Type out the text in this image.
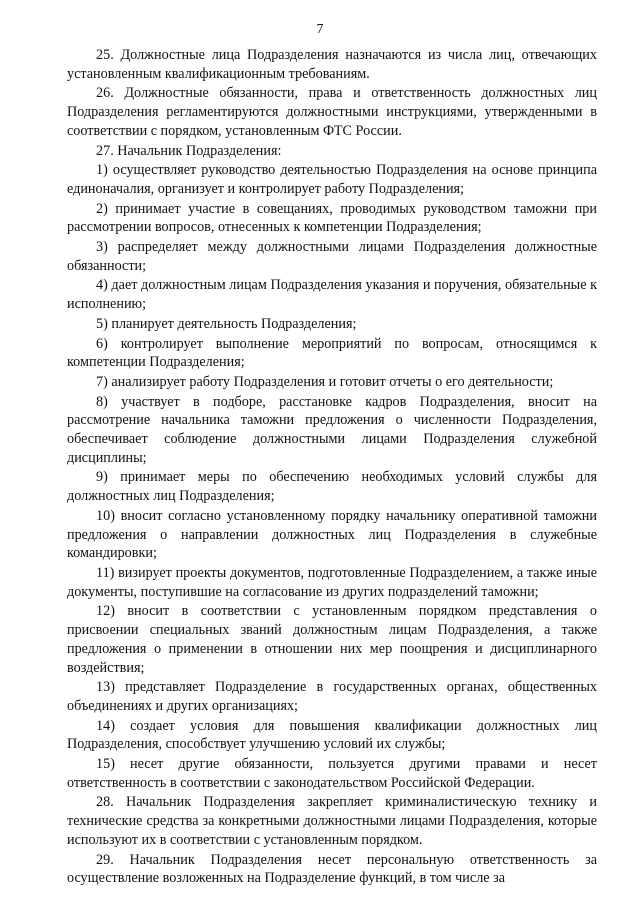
7

25. Должностные лица Подразделения назначаются из числа лиц, отвечающих установленным квалификационным требованиям.

26. Должностные обязанности, права и ответственность должностных лиц Подразделения регламентируются должностными инструкциями, утвержденными в соответствии с порядком, установленным ФТС России.

27. Начальник Подразделения:

1) осуществляет руководство деятельностью Подразделения на основе принципа единоначалия, организует и контролирует работу Подразделения;

2) принимает участие в совещаниях, проводимых руководством таможни при рассмотрении вопросов, отнесенных к компетенции Подразделения;

3) распределяет между должностными лицами Подразделения должностные обязанности;

4) дает должностным лицам Подразделения указания и поручения, обязательные к исполнению;

5) планирует деятельность Подразделения;

6) контролирует выполнение мероприятий по вопросам, относящимся к компетенции Подразделения;

7) анализирует работу Подразделения и готовит отчеты о его деятельности;

8) участвует в подборе, расстановке кадров Подразделения, вносит на рассмотрение начальника таможни предложения о численности Подразделения, обеспечивает соблюдение должностными лицами Подразделения служебной дисциплины;

9) принимает меры по обеспечению необходимых условий службы для должностных лиц Подразделения;

10) вносит согласно установленному порядку начальнику оперативной таможни предложения о направлении должностных лиц Подразделения в служебные командировки;

11) визирует проекты документов, подготовленные Подразделением, а также иные документы, поступившие на согласование из других подразделений таможни;

12) вносит в соответствии с установленным порядком представления о присвоении специальных званий должностным лицам Подразделения, а также предложения о применении в отношении них мер поощрения и дисциплинарного воздействия;

13) представляет Подразделение в государственных органах, общественных объединениях и других организациях;

14) создает условия для повышения квалификации должностных лиц Подразделения, способствует улучшению условий их службы;

15) несет другие обязанности, пользуется другими правами и несет ответственность в соответствии с законодательством Российской Федерации.

28. Начальник Подразделения закрепляет криминалистическую технику и технические средства за конкретными должностными лицами Подразделения, которые используют их в соответствии с установленным порядком.

29. Начальник Подразделения несет персональную ответственность за осуществление возложенных на Подразделение функций, в том числе за
